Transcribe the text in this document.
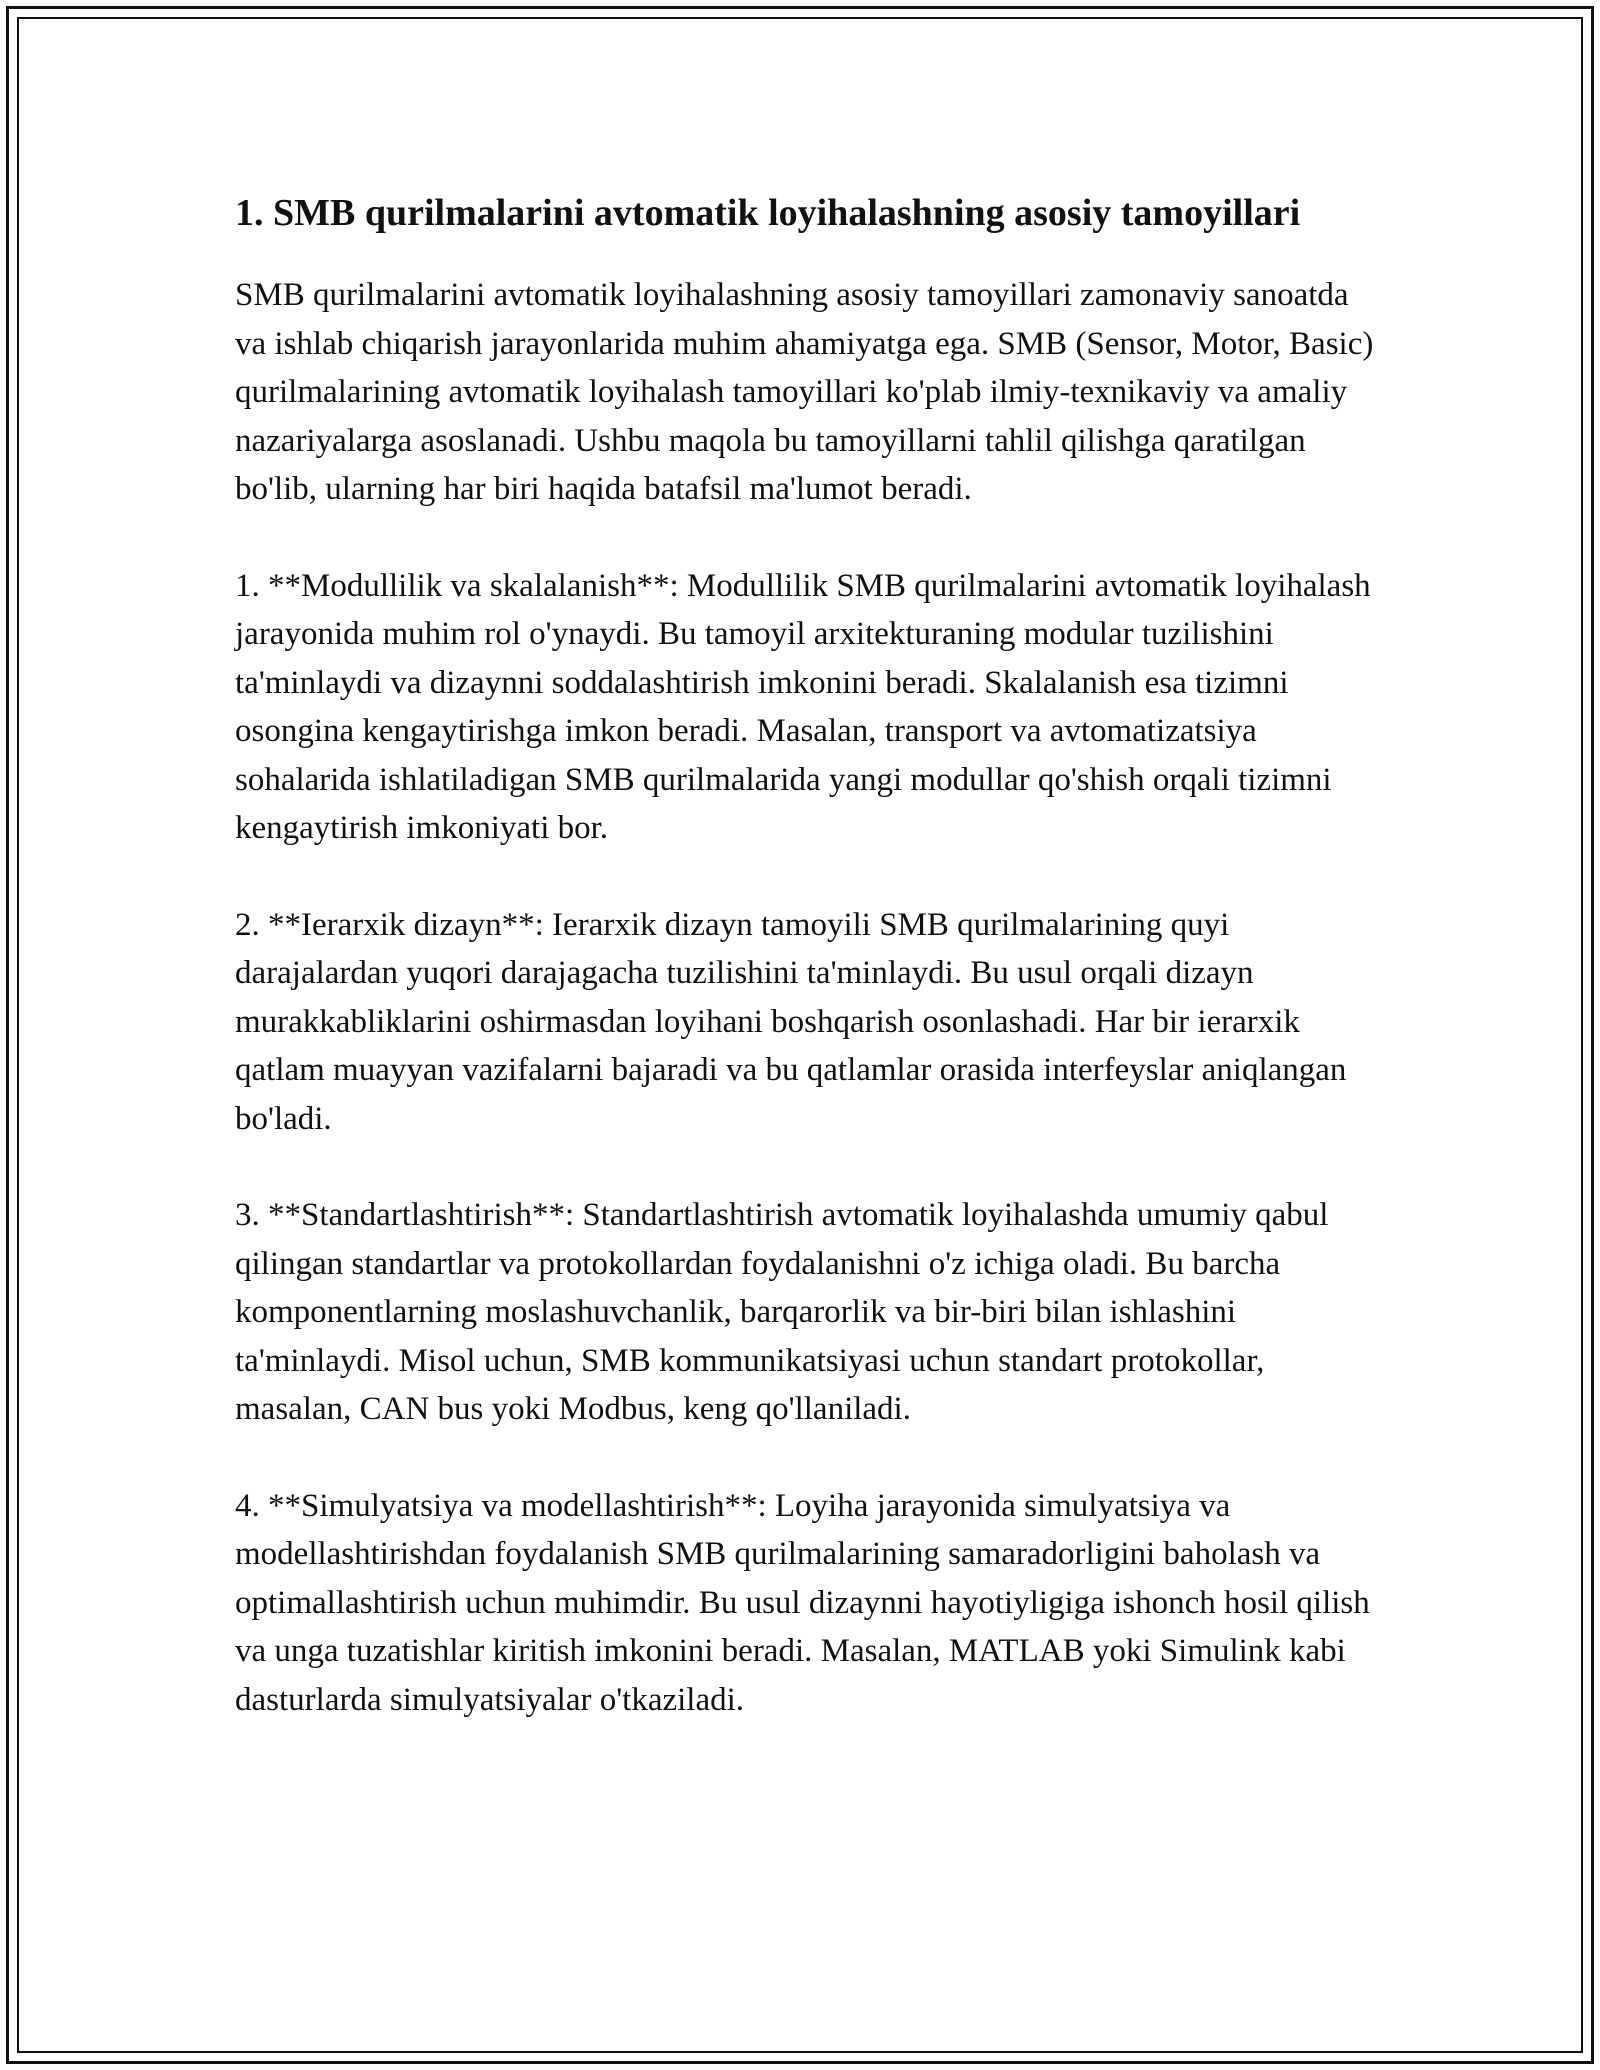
1. SMB qurilmalarini avtomatik loyihalashning asosiy tamoyillari

SMB qurilmalarini avtomatik loyihalashning asosiy tamoyillari zamonaviy sanoatda va ishlab chiqarish jarayonlarida muhim ahamiyatga ega. SMB (Sensor, Motor, Basic) qurilmalarining avtomatik loyihalash tamoyillari ko'plab ilmiy-texnikaviy va amaliy nazariyalarga asoslanadi. Ushbu maqola bu tamoyillarni tahlil qilishga qaratilgan bo'lib, ularning har biri haqida batafsil ma'lumot beradi.

1. **Modullilik va skalalanish**: Modullilik SMB qurilmalarini avtomatik loyihalash jarayonida muhim rol o'ynaydi. Bu tamoyil arxitekturaning modular tuzilishini ta'minlaydi va dizaynni soddalashtirish imkonini beradi. Skalalanish esa tizimni osongina kengaytirishga imkon beradi. Masalan, transport va avtomatizatsiya sohalarida ishlatiladigan SMB qurilmalarida yangi modullar qo'shish orqali tizimni kengaytirish imkoniyati bor.

2. **Ierarxik dizayn**: Ierarxik dizayn tamoyili SMB qurilmalarining quyi darajalardan yuqori darajagacha tuzilishini ta'minlaydi. Bu usul orqali dizayn murakkabliklarini oshirmasdan loyihani boshqarish osonlashadi. Har bir ierarxik qatlam muayyan vazifalarni bajaradi va bu qatlamlar orasida interfeyslar aniqlangan bo'ladi.

3. **Standartlashtirish**: Standartlashtirish avtomatik loyihalashda umumiy qabul qilingan standartlar va protokollardan foydalanishni o'z ichiga oladi. Bu barcha komponentlarning moslashuvchanlik, barqarorlik va bir-biri bilan ishlashini ta'minlaydi. Misol uchun, SMB kommunikatsiyasi uchun standart protokollar, masalan, CAN bus yoki Modbus, keng qo'llaniladi.

4. **Simulyatsiya va modellashtirish**: Loyiha jarayonida simulyatsiya va modellashtirishdan foydalanish SMB qurilmalarining samaradorligini baholash va optimallashtirish uchun muhimdir. Bu usul dizaynni hayotiyligiga ishonch hosil qilish va unga tuzatishlar kiritish imkonini beradi. Masalan, MATLAB yoki Simulink kabi dasturlarda simulyatsiyalar o'tkaziladi.
